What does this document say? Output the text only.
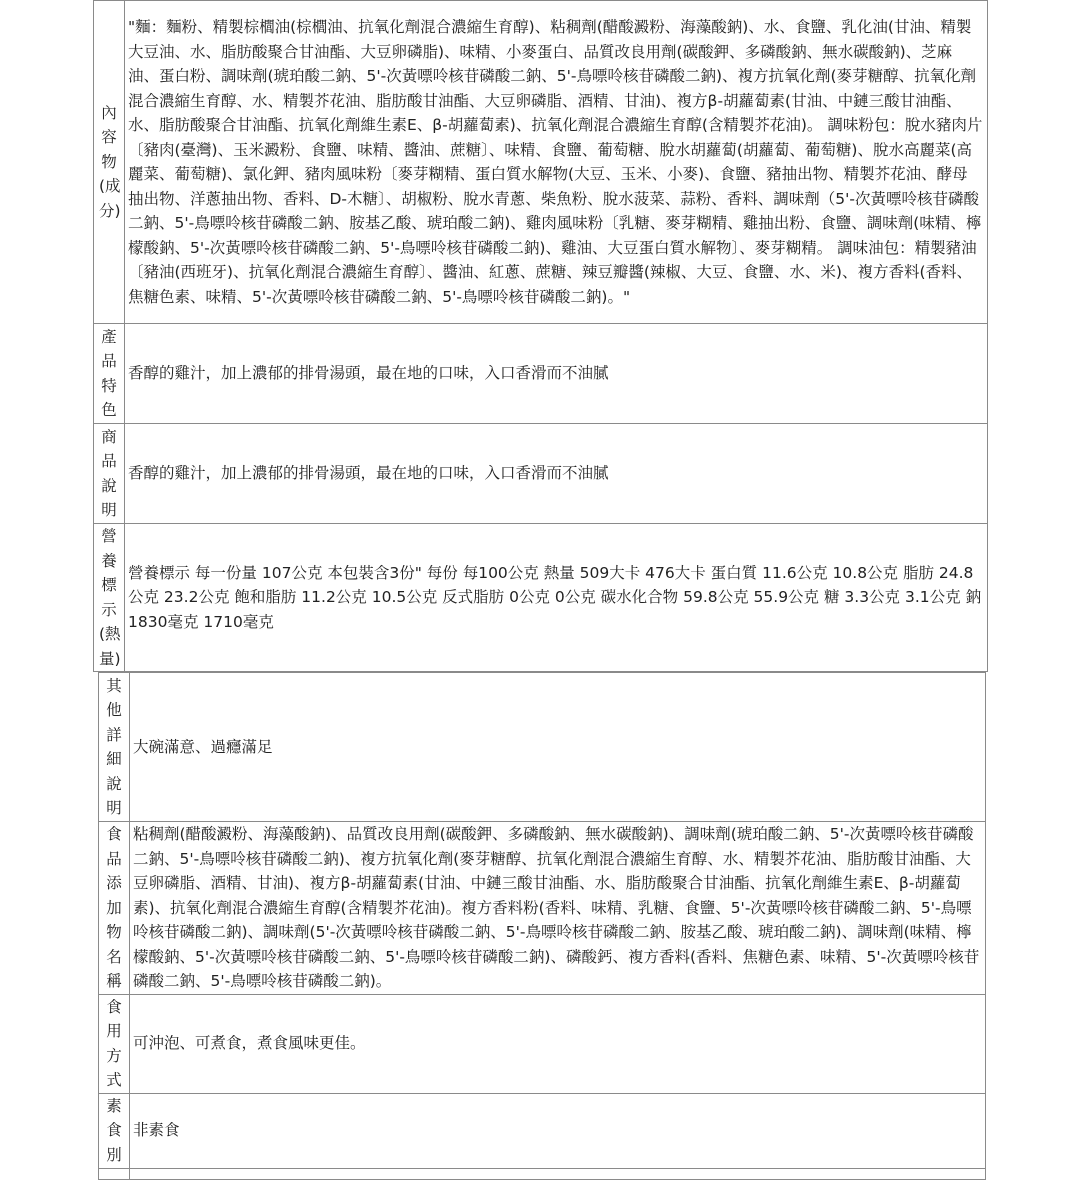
內容物(成分)	"麵：麵粉、精製棕櫚油(棕櫚油、抗氧化劑混合濃縮生育醇)、粘稠劑(醋酸澱粉、海藻酸鈉)、水、食鹽、乳化油(甘油、精製大豆油、水、脂肪酸聚合甘油酯、大豆卵磷脂)、味精、小麥蛋白、品質改良用劑(碳酸鉀、多磷酸鈉、無水碳酸鈉)、芝麻油、蛋白粉、調味劑(琥珀酸二鈉、5'-次黃嘌呤核苷磷酸二鈉、5'-鳥嘌呤核苷磷酸二鈉)、複方抗氧化劑(麥芽糖醇、抗氧化劑混合濃縮生育醇、水、精製芥花油、脂肪酸甘油酯、大豆卵磷脂、酒精、甘油)、複方β-胡蘿蔔素(甘油、中鏈三酸甘油酯、水、脂肪酸聚合甘油酯、抗氧化劑維生素E、β-胡蘿蔔素)、抗氧化劑混合濃縮生育醇(含精製芥花油)。 調味粉包：脫水豬肉片〔豬肉(臺灣)、玉米澱粉、食鹽、味精、醬油、蔗糖〕、味精、食鹽、葡萄糖、脫水胡蘿蔔(胡蘿蔔、葡萄糖)、脫水高麗菜(高麗菜、葡萄糖)、氯化鉀、豬肉風味粉〔麥芽糊精、蛋白質水解物(大豆、玉米、小麥)、食鹽、豬抽出物、精製芥花油、酵母抽出物、洋蔥抽出物、香料、D-木糖〕、胡椒粉、脫水青蔥、柴魚粉、脫水菠菜、蒜粉、香料、調味劑（5'-次黃嘌呤核苷磷酸二鈉、5'-鳥嘌呤核苷磷酸二鈉、胺基乙酸、琥珀酸二鈉)、雞肉風味粉〔乳糖、麥芽糊精、雞抽出粉、食鹽、調味劑(味精、檸檬酸鈉、5'-次黃嘌呤核苷磷酸二鈉、5'-鳥嘌呤核苷磷酸二鈉)、雞油、大豆蛋白質水解物〕、麥芽糊精。 調味油包：精製豬油〔豬油(西班牙)、抗氧化劑混合濃縮生育醇〕、醬油、紅蔥、蔗糖、辣豆瓣醬(辣椒、大豆、食鹽、水、米)、複方香料(香料、焦糖色素、味精、5'-次黃嘌呤核苷磷酸二鈉、5'-鳥嘌呤核苷磷酸二鈉)。"

產品特色	香醇的雞汁，加上濃郁的排骨湯頭，最在地的口味，入口香滑而不油膩

商品說明	香醇的雞汁，加上濃郁的排骨湯頭，最在地的口味，入口香滑而不油膩

營養標示(熱量)	營養標示 每一份量 107公克 本包裝含3份" 每份 每100公克 熱量 509大卡 476大卡 蛋白質 11.6公克 10.8公克 脂肪 24.8公克 23.2公克 飽和脂肪 11.2公克 10.5公克 反式脂肪 0公克 0公克 碳水化合物 59.8公克 55.9公克 糖 3.3公克 3.1公克 鈉 1830毫克 1710毫克
其他詳細說明	大碗滿意、過癮滿足

食品添加物名稱	粘稠劑(醋酸澱粉、海藻酸鈉)、品質改良用劑(碳酸鉀、多磷酸鈉、無水碳酸鈉)、調味劑(琥珀酸二鈉、5'-次黃嘌呤核苷磷酸二鈉、5'-鳥嘌呤核苷磷酸二鈉)、複方抗氧化劑(麥芽糖醇、抗氧化劑混合濃縮生育醇、水、精製芥花油、脂肪酸甘油酯、大豆卵磷脂、酒精、甘油)、複方β-胡蘿蔔素(甘油、中鏈三酸甘油酯、水、脂肪酸聚合甘油酯、抗氧化劑維生素E、β-胡蘿蔔素)、抗氧化劑混合濃縮生育醇(含精製芥花油)。複方香料粉(香料、味精、乳糖、食鹽、5'-次黃嘌呤核苷磷酸二鈉、5'-鳥嘌呤核苷磷酸二鈉)、調味劑(5'-次黃嘌呤核苷磷酸二鈉、5'-鳥嘌呤核苷磷酸二鈉、胺基乙酸、琥珀酸二鈉)、調味劑(味精、檸檬酸鈉、5'-次黃嘌呤核苷磷酸二鈉、5'-鳥嘌呤核苷磷酸二鈉)、磷酸鈣、複方香料(香料、焦糖色素、味精、5'-次黃嘌呤核苷磷酸二鈉、5'-鳥嘌呤核苷磷酸二鈉)。

食用方式	可沖泡、可煮食，煮食風味更佳。

素食別	非素食
